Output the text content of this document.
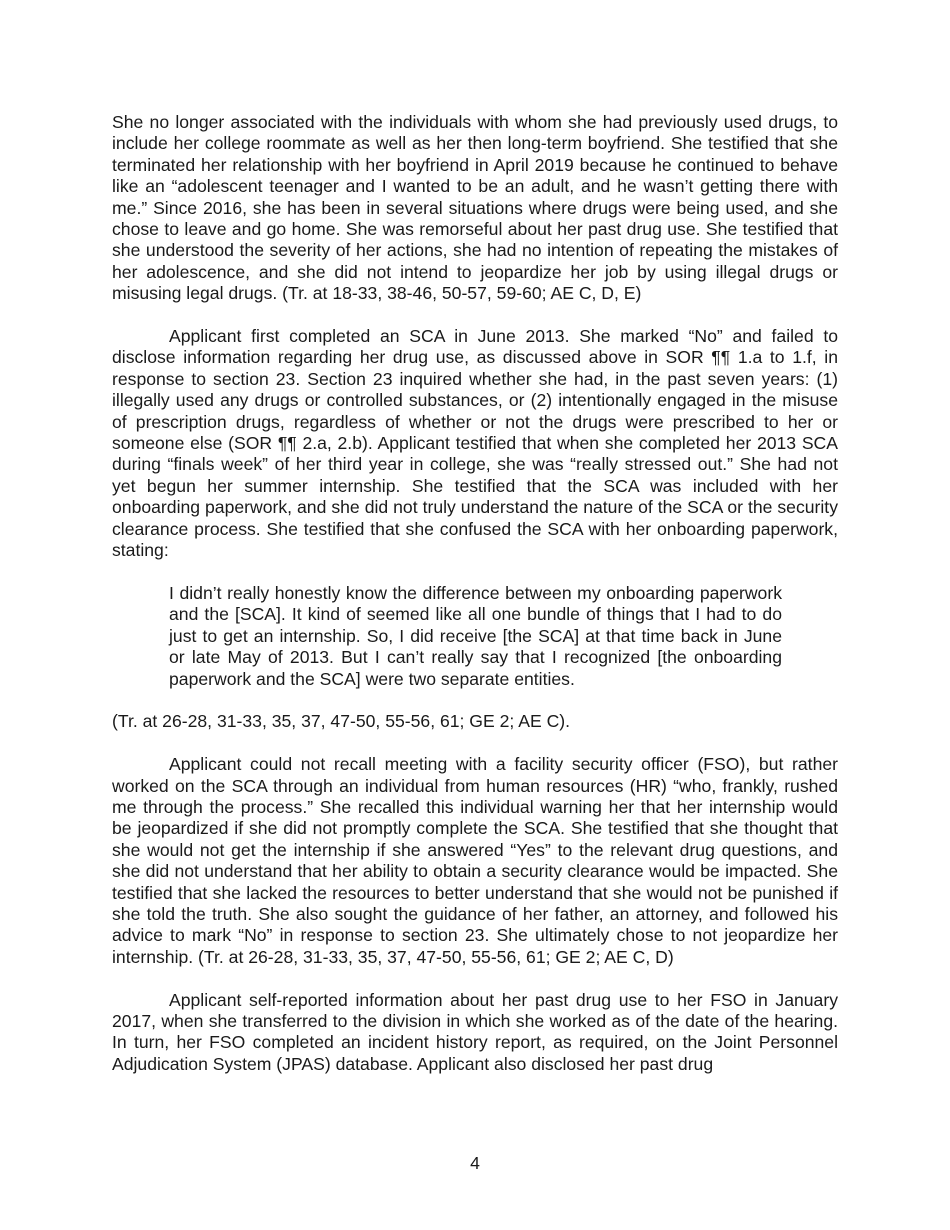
She no longer associated with the individuals with whom she had previously used drugs, to include her college roommate as well as her then long-term boyfriend. She testified that she terminated her relationship with her boyfriend in April 2019 because he continued to behave like an “adolescent teenager and I wanted to be an adult, and he wasn’t getting there with me.” Since 2016, she has been in several situations where drugs were being used, and she chose to leave and go home. She was remorseful about her past drug use. She testified that she understood the severity of her actions, she had no intention of repeating the mistakes of her adolescence, and she did not intend to jeopardize her job by using illegal drugs or misusing legal drugs. (Tr. at 18-33, 38-46, 50-57, 59-60; AE C, D, E)

Applicant first completed an SCA in June 2013. She marked “No” and failed to disclose information regarding her drug use, as discussed above in SOR ¶¶ 1.a to 1.f, in response to section 23. Section 23 inquired whether she had, in the past seven years: (1) illegally used any drugs or controlled substances, or (2) intentionally engaged in the misuse of prescription drugs, regardless of whether or not the drugs were prescribed to her or someone else (SOR ¶¶ 2.a, 2.b). Applicant testified that when she completed her 2013 SCA during “finals week” of her third year in college, she was “really stressed out.” She had not yet begun her summer internship. She testified that the SCA was included with her onboarding paperwork, and she did not truly understand the nature of the SCA or the security clearance process. She testified that she confused the SCA with her onboarding paperwork, stating:

I didn’t really honestly know the difference between my onboarding paperwork and the [SCA]. It kind of seemed like all one bundle of things that I had to do just to get an internship. So, I did receive [the SCA] at that time back in June or late May of 2013. But I can’t really say that I recognized [the onboarding paperwork and the SCA] were two separate entities.

(Tr. at 26-28, 31-33, 35, 37, 47-50, 55-56, 61; GE 2; AE C).

Applicant could not recall meeting with a facility security officer (FSO), but rather worked on the SCA through an individual from human resources (HR) “who, frankly, rushed me through the process.” She recalled this individual warning her that her internship would be jeopardized if she did not promptly complete the SCA. She testified that she thought that she would not get the internship if she answered “Yes” to the relevant drug questions, and she did not understand that her ability to obtain a security clearance would be impacted. She testified that she lacked the resources to better understand that she would not be punished if she told the truth. She also sought the guidance of her father, an attorney, and followed his advice to mark “No” in response to section 23. She ultimately chose to not jeopardize her internship. (Tr. at 26-28, 31-33, 35, 37, 47-50, 55-56, 61; GE 2; AE C, D)

Applicant self-reported information about her past drug use to her FSO in January 2017, when she transferred to the division in which she worked as of the date of the hearing. In turn, her FSO completed an incident history report, as required, on the Joint Personnel Adjudication System (JPAS) database. Applicant also disclosed her past drug

4
